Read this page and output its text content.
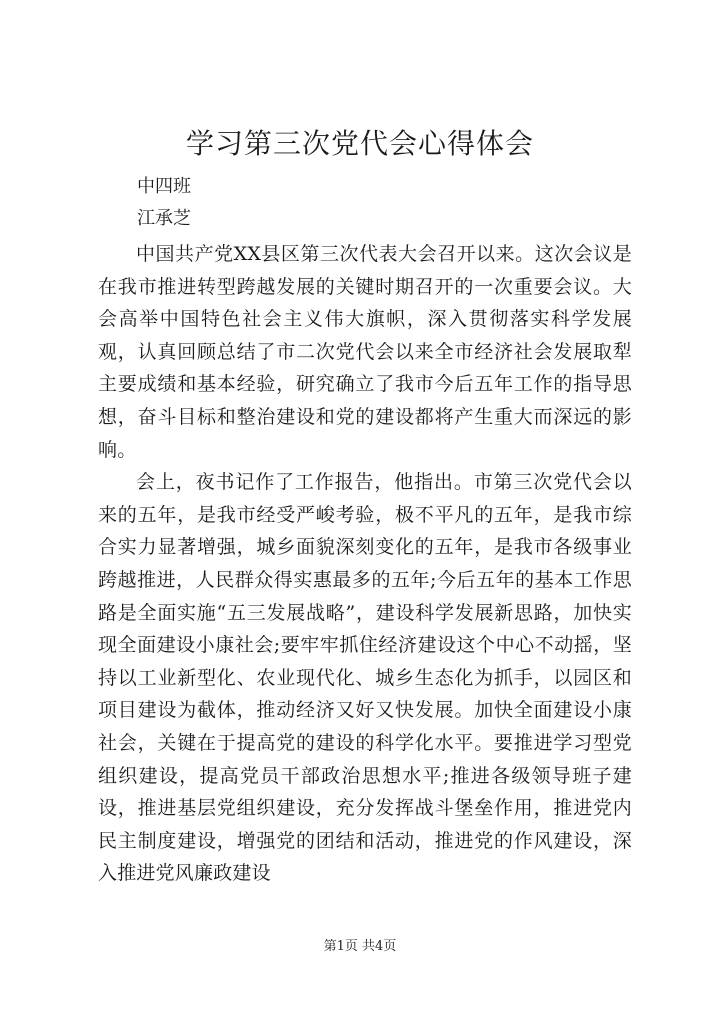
学习第三次党代会心得体会
中四班
江承芝

中国共产党XX县区第三次代表大会召开以来。这次会议是在我市推进转型跨越发展的关键时期召开的一次重要会议。大会高举中国特色社会主义伟大旗帜，深入贯彻落实科学发展观，认真回顾总结了市二次党代会以来全市经济社会发展取犁主要成绩和基本经验，研究确立了我市今后五年工作的指导思想，奋斗目标和整治建设和党的建设都将产生重大而深远的影响。

会上，夜书记作了工作报告，他指出。市第三次党代会以来的五年，是我市经受严峻考验，极不平凡的五年，是我市综合实力显著增强，城乡面貌深刻变化的五年，是我市各级事业跨越推进，人民群众得实惠最多的五年;今后五年的基本工作思路是全面实施“五三发展战略”，建设科学发展新思路，加快实现全面建设小康社会;要牢牢抓住经济建设这个中心不动摇，坚持以工业新型化、农业现代化、城乡生态化为抓手，以园区和项目建设为截体，推动经济又好又快发展。加快全面建设小康社会，关键在于提高党的建设的科学化水平。要推进学习型党组织建设，提高党员干部政治思想水平;推进各级领导班子建设，推进基层党组织建设，充分发挥战斗堡垒作用，推进党内民主制度建设，增强党的团结和活动，推进党的作风建设，深入推进党风廉政建设

第1页 共4页
